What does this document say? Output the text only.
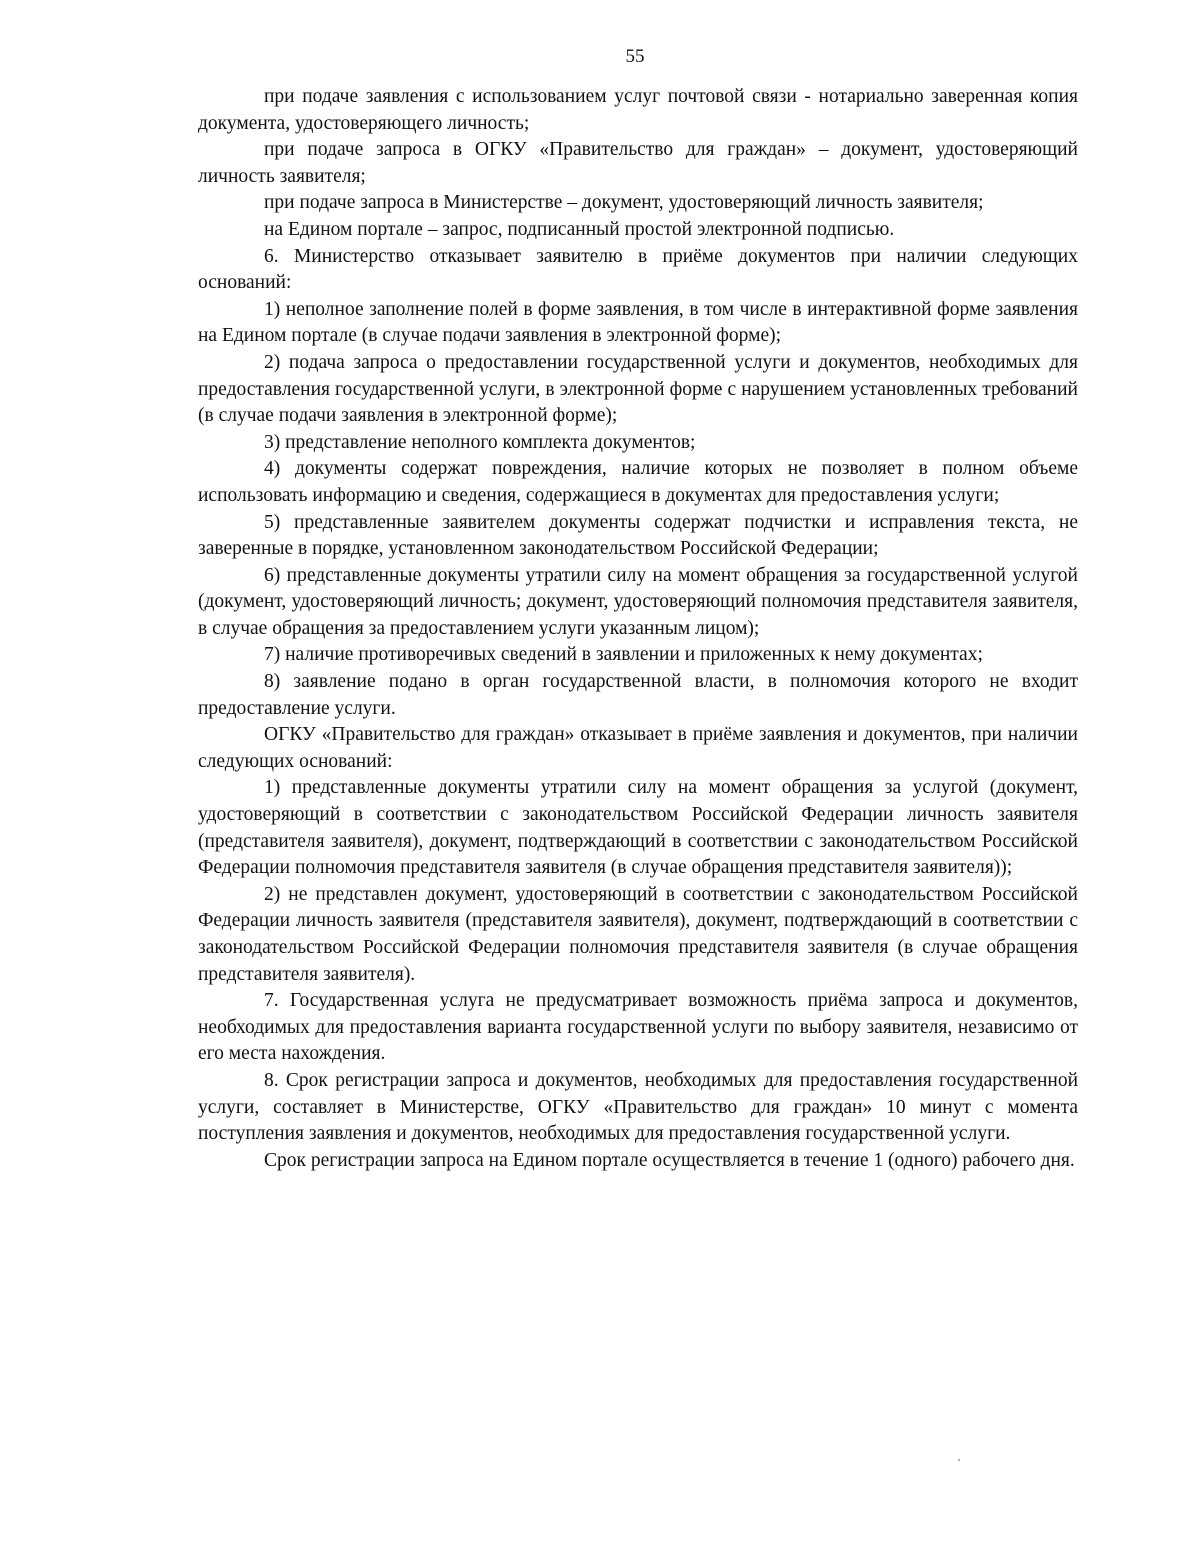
55

при подаче заявления с использованием услуг почтовой связи - нотариально заверенная копия документа, удостоверяющего личность;

при подаче запроса в ОГКУ «Правительство для граждан» – документ, удостоверяющий личность заявителя;

при подаче запроса в Министерстве – документ, удостоверяющий личность заявителя;

на Едином портале – запрос, подписанный простой электронной подписью.

6. Министерство отказывает заявителю в приёме документов при наличии следующих оснований:

1) неполное заполнение полей в форме заявления, в том числе в интерактивной форме заявления на Едином портале (в случае подачи заявления в электронной форме);

2) подача запроса о предоставлении государственной услуги и документов, необходимых для предоставления государственной услуги, в электронной форме с нарушением установленных требований (в случае подачи заявления в электронной форме);

3) представление неполного комплекта документов;

4) документы содержат повреждения, наличие которых не позволяет в полном объеме использовать информацию и сведения, содержащиеся в документах для предоставления услуги;

5) представленные заявителем документы содержат подчистки и исправления текста, не заверенные в порядке, установленном законодательством Российской Федерации;

6) представленные документы утратили силу на момент обращения за государственной услугой (документ, удостоверяющий личность; документ, удостоверяющий полномочия представителя заявителя, в случае обращения за предоставлением услуги указанным лицом);

7) наличие противоречивых сведений в заявлении и приложенных к нему документах;

8) заявление подано в орган государственной власти, в полномочия которого не входит предоставление услуги.

ОГКУ «Правительство для граждан» отказывает в приёме заявления и документов, при наличии следующих оснований:

1) представленные документы утратили силу на момент обращения за услугой (документ, удостоверяющий в соответствии с законодательством Российской Федерации личность заявителя (представителя заявителя), документ, подтверждающий в соответствии с законодательством Российской Федерации полномочия представителя заявителя (в случае обращения представителя заявителя));

2) не представлен документ, удостоверяющий в соответствии с законодательством Российской Федерации личность заявителя (представителя заявителя), документ, подтверждающий в соответствии с законодательством Российской Федерации полномочия представителя заявителя (в случае обращения представителя заявителя).

7. Государственная услуга не предусматривает возможность приёма запроса и документов, необходимых для предоставления варианта государственной услуги по выбору заявителя, независимо от его места нахождения.

8. Срок регистрации запроса и документов, необходимых для предоставления государственной услуги, составляет в Министерстве, ОГКУ «Правительство для граждан» 10 минут с момента поступления заявления и документов, необходимых для предоставления государственной услуги.

Срок регистрации запроса на Едином портале осуществляется в течение 1 (одного) рабочего дня.
